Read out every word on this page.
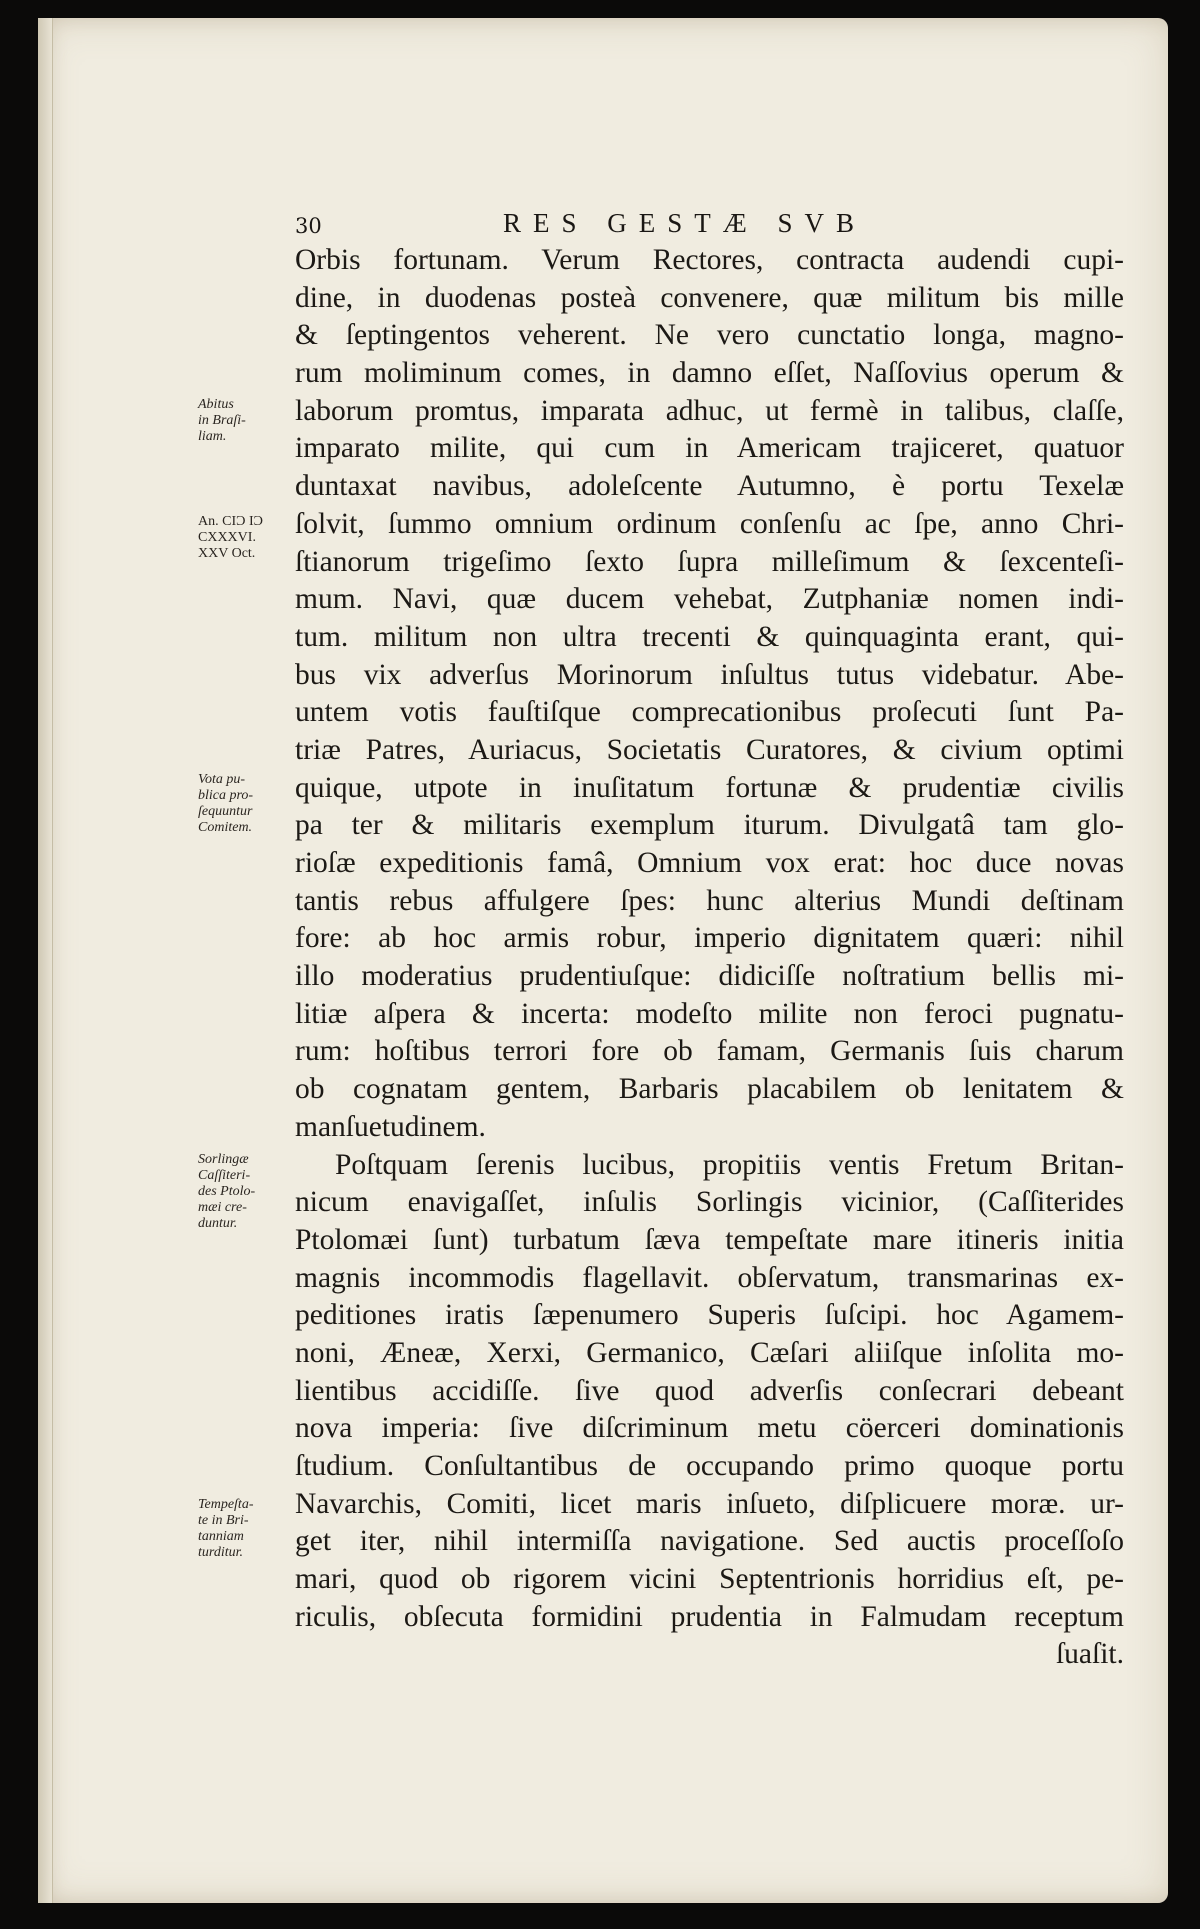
30	RES GESTÆ SVB
Orbis fortunam. Verum Rectores, contracta audendi cupi-
dine, in duodenas posteà convenere, quæ militum bis mille
& ſeptingentos veherent. Ne vero cunctatio longa, magno-
rum moliminum comes, in damno eſſet, Naſſovius operum &
laborum promtus, imparata adhuc, ut fermè in talibus, claſſe,
imparato milite, qui cum in Americam trajiceret, quatuor
duntaxat navibus, adoleſcente Autumno, è portu Texelæ
ſolvit, ſummo omnium ordinum conſenſu ac ſpe, anno Chri-
ſtianorum trigeſimo ſexto ſupra milleſimum & ſexcenteſi-
mum. Navi, quæ ducem vehebat, Zutphaniæ nomen indi-
tum. militum non ultra trecenti & quinquaginta erant, qui-
bus vix adverſus Morinorum inſultus tutus videbatur. Abe-
untem votis fauſtiſque comprecationibus proſecuti ſunt Pa-
triæ Patres, Auriacus, Societatis Curatores, & civium optimi
quique, utpote in inuſitatum fortunæ & prudentiæ civilis
pa ter & militaris exemplum iturum. Divulgatâ tam glo-
rioſæ expeditionis famâ, Omnium vox erat: hoc duce novas
tantis rebus affulgere ſpes: hunc alterius Mundi deſtinam
fore: ab hoc armis robur, imperio dignitatem quæri: nihil
illo moderatius prudentiuſque: didiciſſe noſtratium bellis mi-
litiæ aſpera & incerta: modeſto milite non feroci pugnatu-
rum: hoſtibus terrori fore ob famam, Germanis ſuis charum
ob cognatam gentem, Barbaris placabilem ob lenitatem &
manſuetudinem.
Poſtquam ſerenis lucibus, propitiis ventis Fretum Britan-
nicum enavigaſſet, inſulis Sorlingis vicinior, (Caſſiterides
Ptolomæi ſunt) turbatum ſæva tempeſtate mare itineris initia
magnis incommodis flagellavit. obſervatum, transmarinas ex-
peditiones iratis ſæpenumero Superis ſuſcipi. hoc Agamem-
noni, Æneæ, Xerxi, Germanico, Cæſari aliiſque inſolita mo-
lientibus accidiſſe. ſive quod adverſis conſecrari debeant
nova imperia: ſive diſcriminum metu cöerceri dominationis
ſtudium. Conſultantibus de occupando primo quoque portu
Navarchis, Comiti, licet maris inſueto, diſplicuere moræ. ur-
get iter, nihil intermiſſa navigatione. Sed auctis proceſſoſo
mari, quod ob rigorem vicini Septentrionis horridius eſt, pe-
riculis, obſecuta formidini prudentia in Falmudam receptum
ſuaſit.
Abitus
in Braſi-
liam.
An. CIϽ IϽ
CXXXVI.
XXV Oct.
Vota pu-
blica pro-
ſequuntur
Comitem.
Sorlingæ
Caſſiteri-
des Ptolo-
mæi cre-
duntur.
Tempeſta-
te in Bri-
tanniam
turditur.
